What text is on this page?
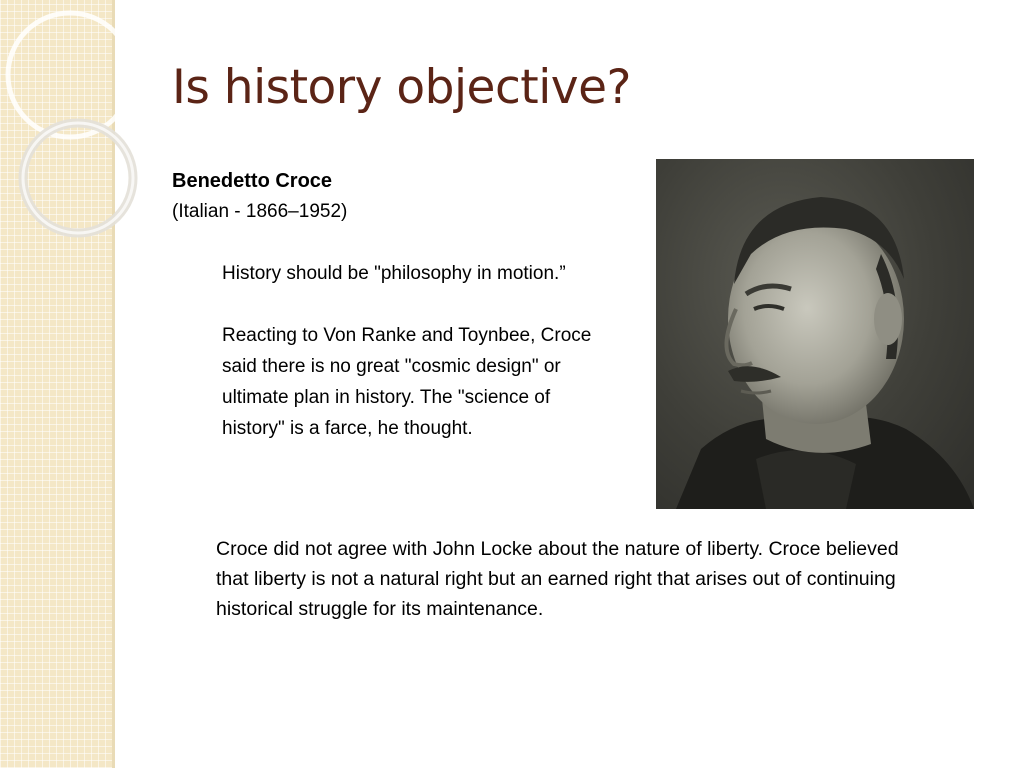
Is history objective?
Benedetto Croce
(Italian - 1866–1952)

History should be "philosophy in motion.”

Reacting to Von Ranke and Toynbee, Croce said there is no great "cosmic design" or ultimate plan in history. The "science of history" is a farce, he thought.

Croce did not agree with John Locke about the nature of liberty. Croce believed that liberty is not a natural right but an earned right that arises out of continuing historical struggle for its maintenance.
